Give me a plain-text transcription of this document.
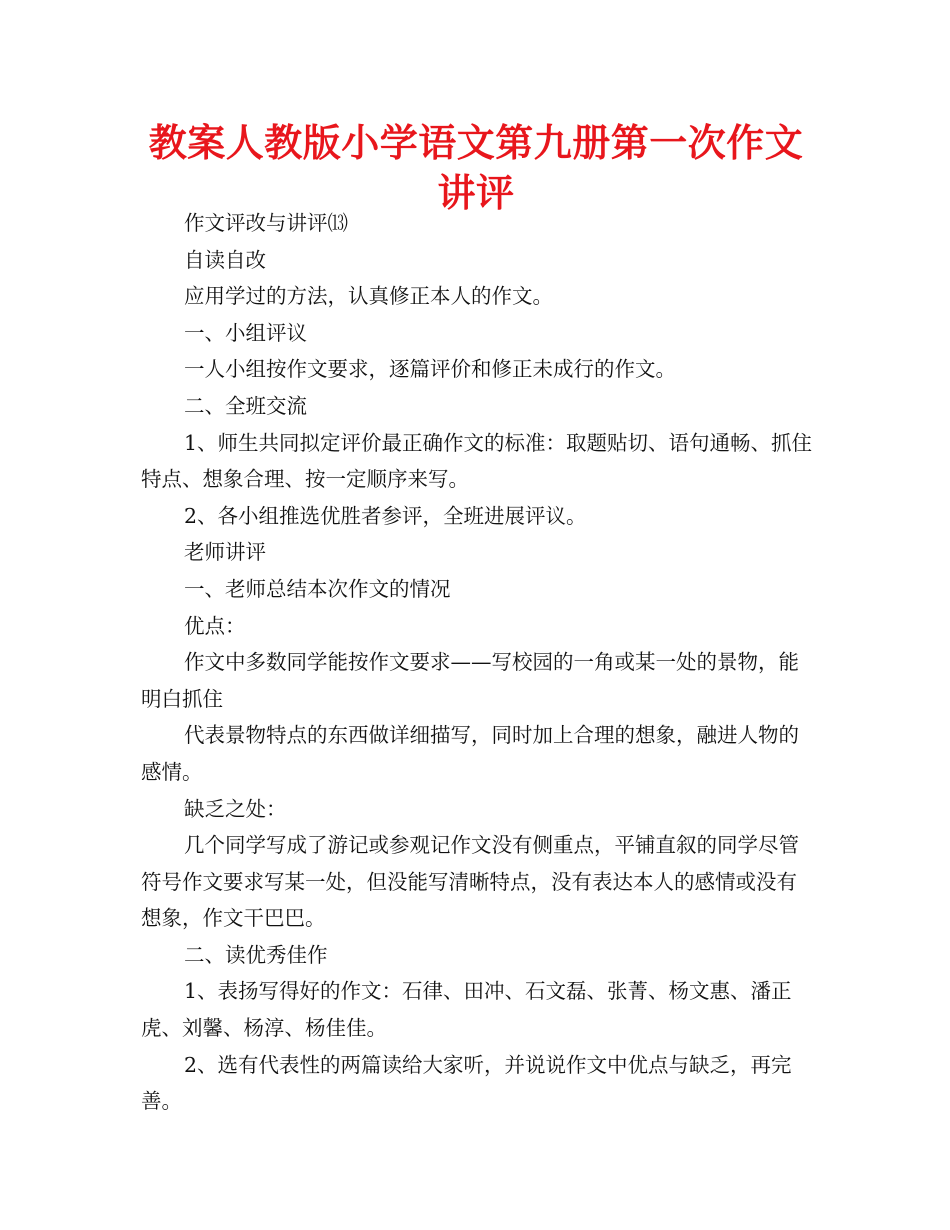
教案人教版小学语文第九册第一次作文讲评

作文评改与讲评⒀

自读自改

应用学过的方法，认真修正本人的作文。

一、小组评议

一人小组按作文要求，逐篇评价和修正未成行的作文。

二、全班交流

1、师生共同拟定评价最正确作文的标准：取题贴切、语句通畅、抓住特点、想象合理、按一定顺序来写。

2、各小组推选优胜者参评，全班进展评议。

老师讲评

一、老师总结本次作文的情况

优点：

作文中多数同学能按作文要求——写校园的一角或某一处的景物，能明白抓住

代表景物特点的东西做详细描写，同时加上合理的想象，融进人物的感情。

缺乏之处：

几个同学写成了游记或参观记作文没有侧重点，平铺直叙的同学尽管符号作文要求写某一处，但没能写清晰特点，没有表达本人的感情或没有想象，作文干巴巴。

二、读优秀佳作

1、表扬写得好的作文：石律、田冲、石文磊、张菁、杨文惠、潘正虎、刘馨、杨淳、杨佳佳。

2、选有代表性的两篇读给大家听，并说说作文中优点与缺乏，再完善。
